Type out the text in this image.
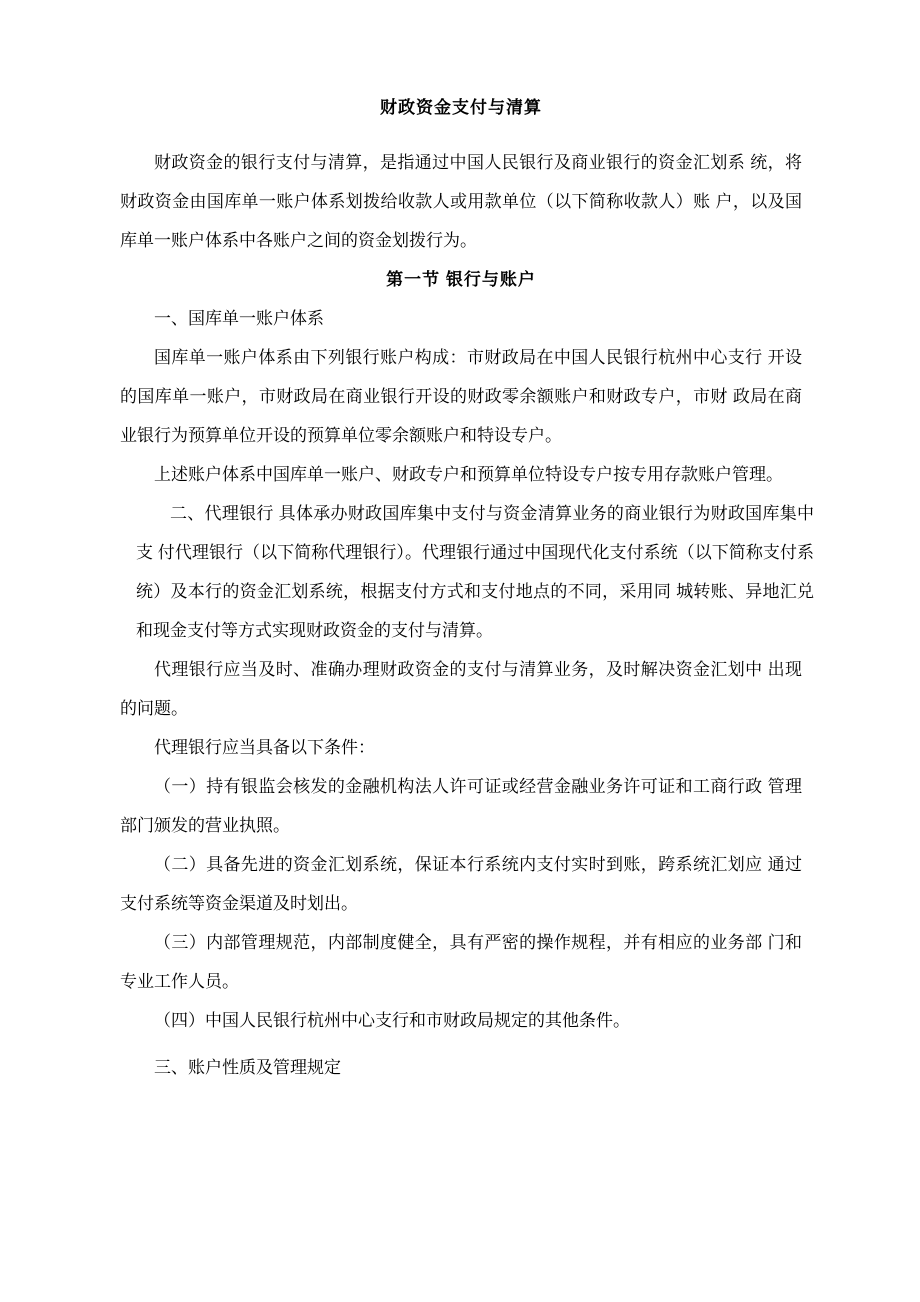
财政资金支付与清算

财政资金的银行支付与清算，是指通过中国人民银行及商业银行的资金汇划系 统，将财政资金由国库单一账户体系划拨给收款人或用款单位（以下简称收款人）账 户，以及国库单一账户体系中各账户之间的资金划拨行为。

第一节 银行与账户

一、国库单一账户体系

国库单一账户体系由下列银行账户构成：市财政局在中国人民银行杭州中心支行 开设的国库单一账户，市财政局在商业银行开设的财政零余额账户和财政专户，市财 政局在商业银行为预算单位开设的预算单位零余额账户和特设专户。

上述账户体系中国库单一账户、财政专户和预算单位特设专户按专用存款账户管理。

二、代理银行 具体承办财政国库集中支付与资金清算业务的商业银行为财政国库集中支 付代理银行（以下简称代理银行）。代理银行通过中国现代化支付系统（以下简称支付系统）及本行的资金汇划系统，根据支付方式和支付地点的不同，采用同 城转账、异地汇兑和现金支付等方式实现财政资金的支付与清算。

代理银行应当及时、准确办理财政资金的支付与清算业务，及时解决资金汇划中 出现的问题。

代理银行应当具备以下条件：

（一）持有银监会核发的金融机构法人许可证或经营金融业务许可证和工商行政 管理部门颁发的营业执照。

（二）具备先进的资金汇划系统，保证本行系统内支付实时到账，跨系统汇划应 通过支付系统等资金渠道及时划出。

（三）内部管理规范，内部制度健全，具有严密的操作规程，并有相应的业务部 门和专业工作人员。

（四）中国人民银行杭州中心支行和市财政局规定的其他条件。

三、账户性质及管理规定
